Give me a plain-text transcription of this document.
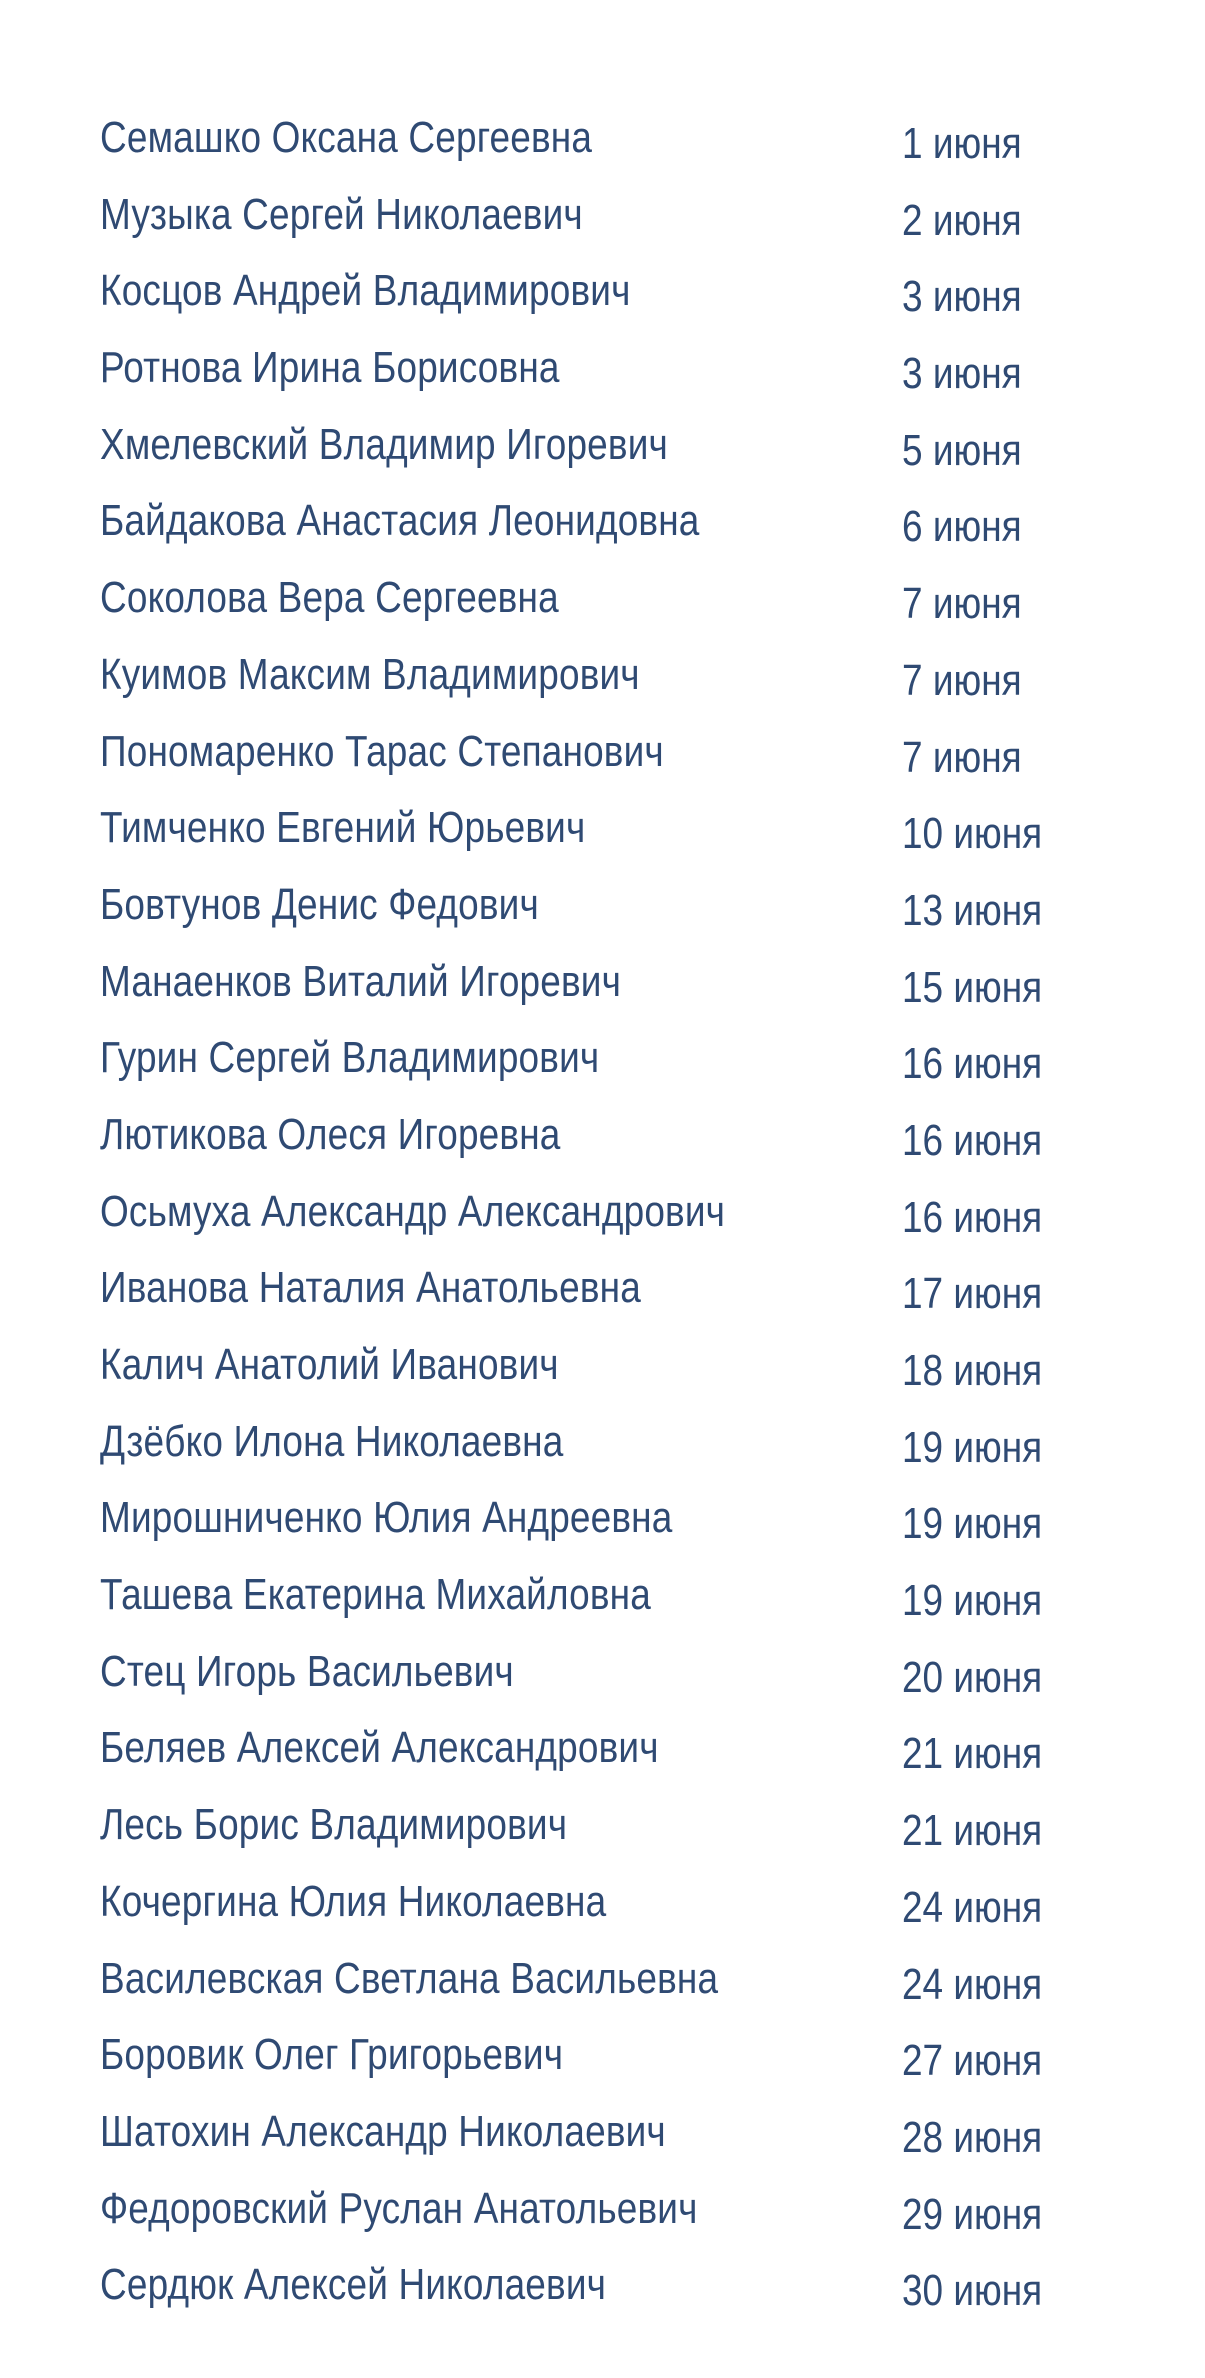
Семашко Оксана Сергеевна	1 июня
Музыка Сергей Николаевич	2 июня
Косцов Андрей Владимирович	3 июня
Ротнова Ирина Борисовна	3 июня
Хмелевский Владимир Игоревич	5 июня
Байдакова Анастасия Леонидовна	6 июня
Соколова Вера Сергеевна	7 июня
Куимов Максим Владимирович	7 июня
Пономаренко Тарас Степанович	7 июня
Тимченко Евгений Юрьевич	10 июня
Бовтунов Денис Федович	13 июня
Манаенков Виталий Игоревич	15 июня
Гурин Сергей Владимирович	16 июня
Лютикова Олеся Игоревна	16 июня
Осьмуха Александр Александрович	16 июня
Иванова Наталия Анатольевна	17 июня
Калич Анатолий Иванович	18 июня
Дзёбко Илона Николаевна	19 июня
Мирошниченко Юлия Андреевна	19 июня
Ташева Екатерина Михайловна	19 июня
Стец Игорь Васильевич	20 июня
Беляев Алексей Александрович	21 июня
Лесь Борис Владимирович	21 июня
Кочергина Юлия Николаевна	24 июня
Василевская Светлана Васильевна	24 июня
Боровик Олег Григорьевич	27 июня
Шатохин Александр Николаевич	28 июня
Федоровский Руслан Анатольевич	29 июня
Сердюк Алексей Николаевич	30 июня
